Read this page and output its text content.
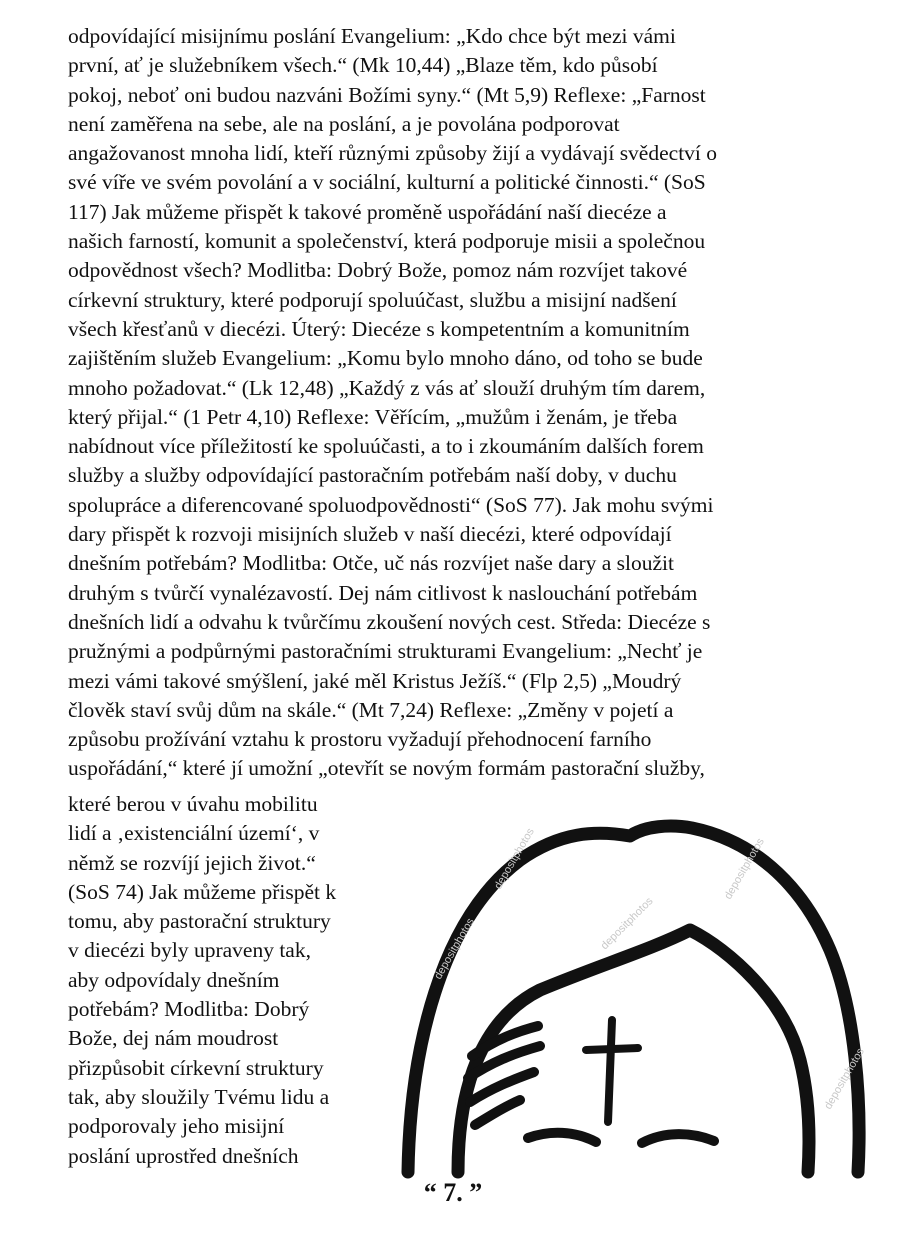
odpovídající misijnímu poslání Evangelium: „Kdo chce být mezi vámi
první, ať je služebníkem všech.“ (Mk 10,44) „Blaze těm, kdo působí
pokoj, neboť oni budou nazváni Božími syny.“ (Mt 5,9) Reflexe: „Farnost
není zaměřena na sebe, ale na poslání, a je povolána podporovat
angažovanost mnoha lidí, kteří různými způsoby žijí a vydávají svědectví o
své víře ve svém povolání a v sociální, kulturní a politické činnosti.“ (SoS
117) Jak můžeme přispět k takové proměně uspořádání naší diecéze a
našich farností, komunit a společenství, která podporuje misii a společnou
odpovědnost všech? Modlitba: Dobrý Bože, pomoz nám rozvíjet takové
církevní struktury, které podporují spoluúčast, službu a misijní nadšení
všech křesťanů v diecézi. Úterý: Diecéze s kompetentním a komunitním
zajištěním služeb Evangelium: „Komu bylo mnoho dáno, od toho se bude
mnoho požadovat.“ (Lk 12,48) „Každý z vás ať slouží druhým tím darem,
který přijal.“ (1 Petr 4,10) Reflexe: Věřícím, „mužům i ženám, je třeba
nabídnout více příležitostí ke spoluúčasti, a to i zkoumáním dalších forem
služby a služby odpovídající pastoračním potřebám naší doby, v duchu
spolupráce a diferencované spoluodpovědnosti“ (SoS 77). Jak mohu svými
dary přispět k rozvoji misijních služeb v naší diecézi, které odpovídají
dnešním potřebám? Modlitba: Otče, uč nás rozvíjet naše dary a sloužit
druhým s tvůrčí vynalézavostí. Dej nám citlivost k naslouchání potřebám
dnešních lidí a odvahu k tvůrčímu zkoušení nových cest. Středa: Diecéze s
pružnými a podpůrnými pastoračními strukturami Evangelium: „Nechť je
mezi vámi takové smýšlení, jaké měl Kristus Ježíš.“ (Flp 2,5) „Moudrý
člověk staví svůj dům na skále.“ (Mt 7,24) Reflexe: „Změny v pojetí a
způsobu prožívání vztahu k prostoru vyžadují přehodnocení farního
uspořádání,“ které jí umožní „otevřít se novým formám pastorační služby,
které berou v úvahu mobilitu
lidí a ‚existenciální území‘, v
němž se rozvíjí jejich život.“
(SoS 74) Jak můžeme přispět k
tomu, aby pastorační struktury
v diecézi byly upraveny tak,
aby odpovídaly dnešním
potřebám? Modlitba: Dobrý
Bože, dej nám moudrost
přizpůsobit církevní struktury
tak, aby sloužily Tvému lidu a
podporovaly jeho misijní
poslání uprostřed dnešních
depositphotos
depositphotos
depositphotos
depositphotos
depositphotos
“ 7. ”
